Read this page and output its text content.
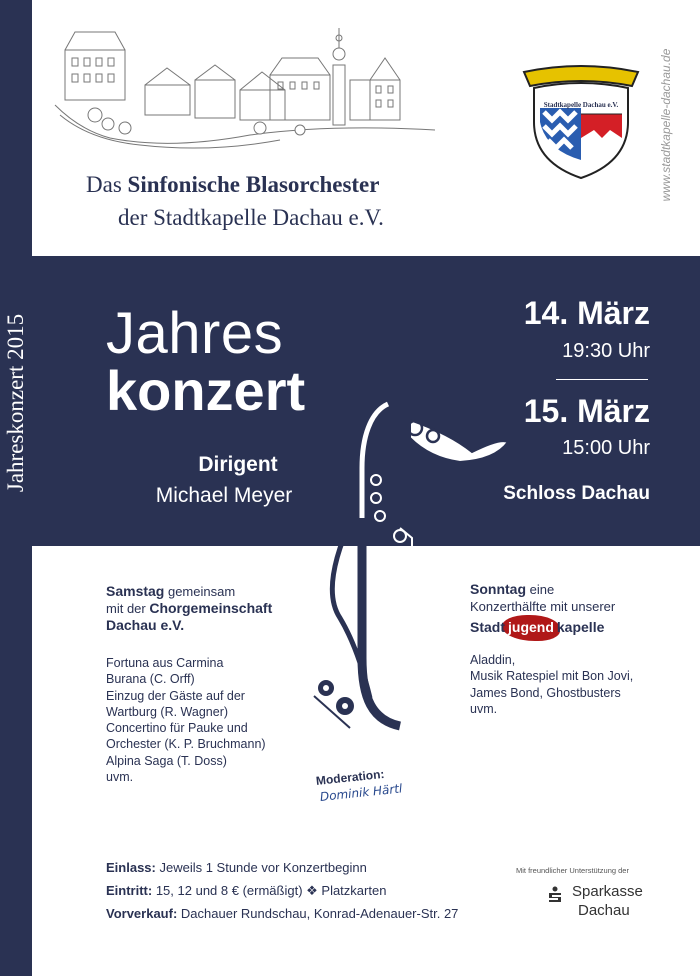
Das Sinfonische Blasorchester
der Stadtkapelle Dachau e.V.
Stadtkapelle Dachau e.V.	www.stadtkapelle-dachau.de
Jahreskonzert 2015 Jahres
konzert
Dirigent
Michael Meyer
14. März
19:30 Uhr
15. März
15:00 Uhr
Schloss Dachau
Samstag gemeinsam
mit der Chorgemeinschaft
Dachau e.V.
Fortuna aus Carmina
Burana (C. Orff)
Einzug der Gäste auf der
Wartburg (R. Wagner)
Concertino für Pauke und
Orchester (K. P. Bruchmann)
Alpina Saga (T. Doss)
uvm.
Sonntag eine
Konzerthälfte mit unserer

Stadt jugend kapelle
Aladdin,
Musik Ratespiel mit Bon Jovi,
James Bond, Ghostbusters
uvm.
Moderation:
Dominik Härtl
Einlass: Jeweils 1 Stunde vor Konzertbeginn
Eintritt: 15, 12 und 8 € (ermäßigt) ❖ Platzkarten
Vorverkauf: Dachauer Rundschau, Konrad-Adenauer-Str. 27
Mit freundlicher Unterstützung der
Sparkasse
Dachau
